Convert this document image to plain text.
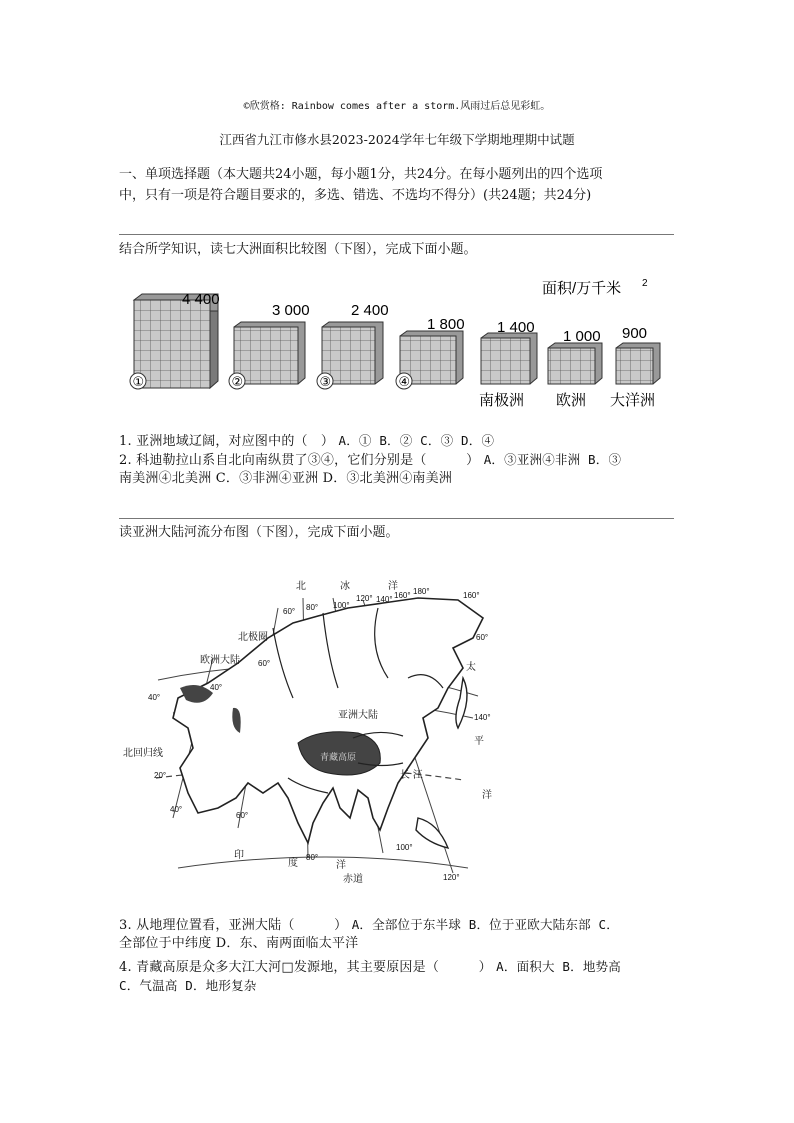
©欣赏格: Rainbow comes after a storm.风雨过后总见彩虹。
江西省九江市修水县2023-2024学年七年级下学期地理期中试题
一、单项选择题（本大题共24小题，每小题1分，共24分。在每小题列出的四个选项
中，只有一项是符合题目要求的，多选、错选、不选均不得分）(共24题；共24分)
结合所学知识，读七大洲面积比较图（下图），完成下面小题。
面积/万千米 2
4 400
①
3 000
②
2 400
③
1 800
④
1 400
南极洲
1 000
欧洲
900
大洋洲
1. 亚洲地域辽阔，对应图中的（　） A．① B．② C．③ D．④
2. 科迪勒拉山系自北向南纵贯了③④，它们分别是（　　　） A．③亚洲④非洲 B．③
南美洲④北美洲 C．③非洲④亚洲 D．③北美洲④南美洲
读亚洲大陆河流分布图（下图），完成下面小题。
青藏高原
北	冰	洋
北极圈
欧洲大陆
亚洲大陆
北回归线
太
平
洋
印
度	洋
赤道
长 江
60° 80° 100°
120° 140° 160° 180°	160°
60°
40°
40°
60°
20°
40°
60°
80°
100°
120°
140°
3. 从地理位置看，亚洲大陆（　　　） A．全部位于东半球 B．位于亚欧大陆东部 C．
全部位于中纬度 D．东、南两面临太平洋
4. 青藏高原是众多大江大河□发源地，其主要原因是（　　　） A．面积大 B．地势高
C．气温高 D．地形复杂
